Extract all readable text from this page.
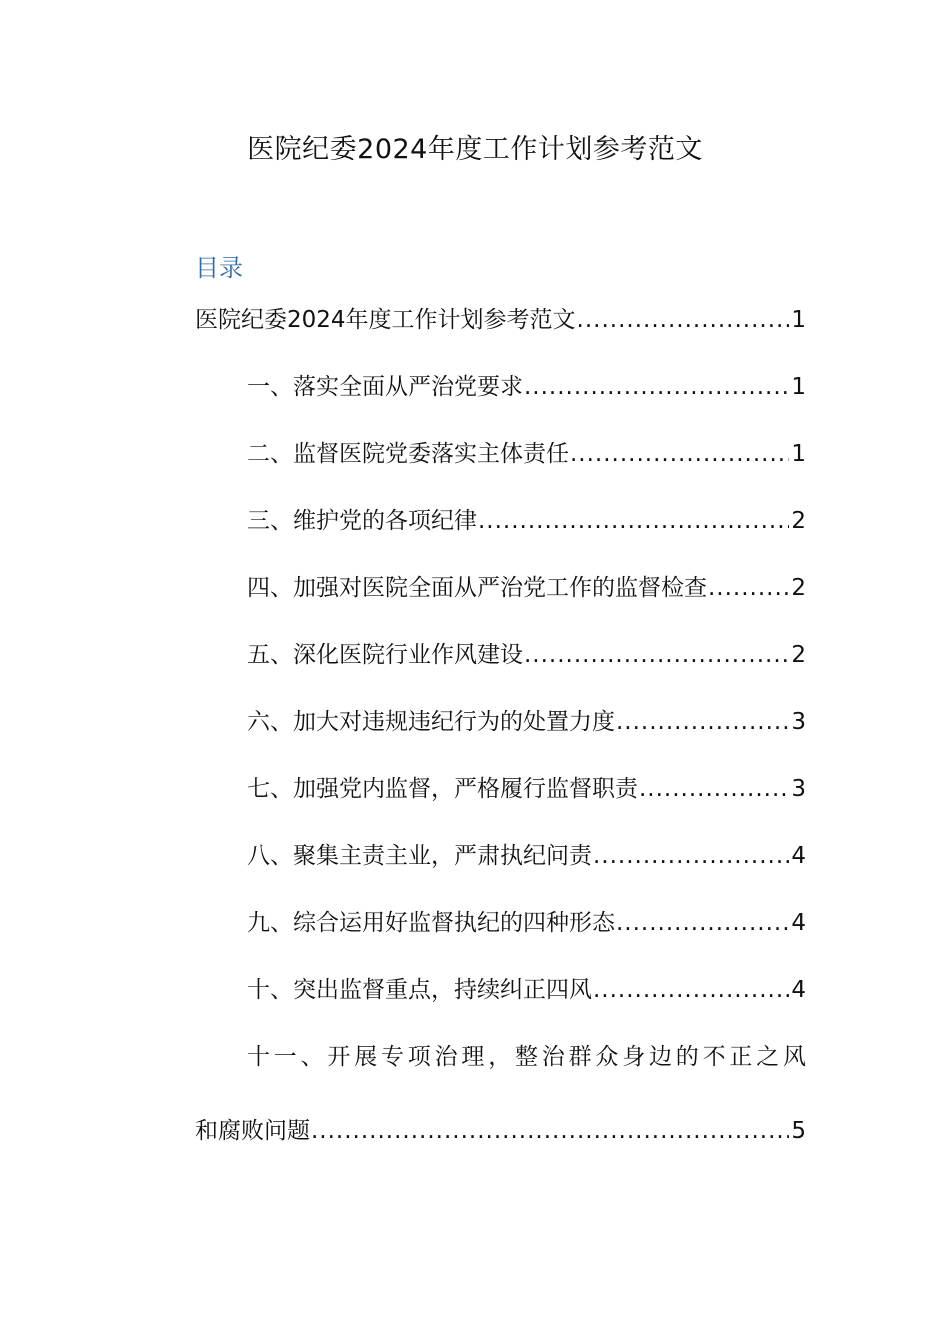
医院纪委2024年度工作计划参考范文
目录
医院纪委2024年度工作计划参考范文 .....	1
一、落实全面从严治党要求 .....	1
二、监督医院党委落实主体责任 .....	1
三、维护党的各项纪律 .....	2
四、加强对医院全面从严治党工作的监督检查 .....	2
五、深化医院行业作风建设 .....	2
六、加大对违规违纪行为的处置力度 .....	3
七、加强党内监督，严格履行监督职责 .....	3
八、聚集主责主业，严肃执纪问责 .....	4
九、综合运用好监督执纪的四种形态 .....	4
十、突出监督重点，持续纠正四风 .....	4
十一、开展专项治理，整治群众身边的不正之风
和腐败问题 .....	5
